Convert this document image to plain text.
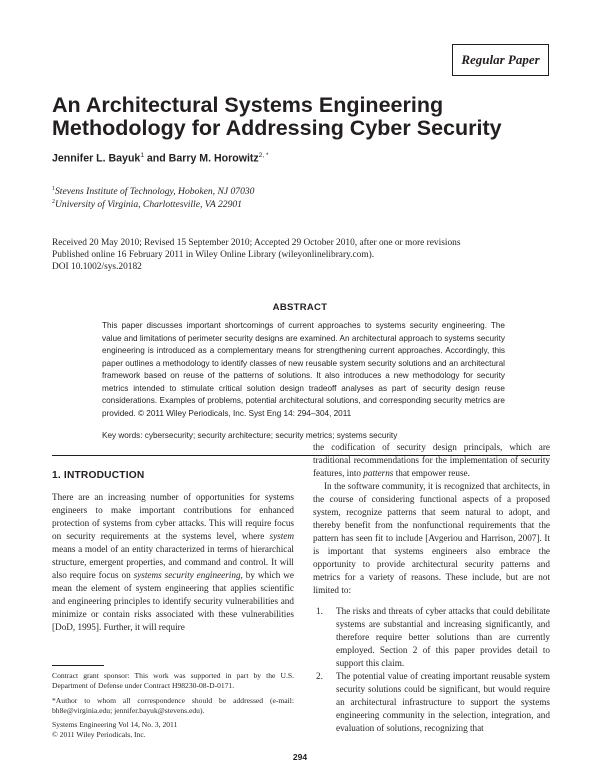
Regular Paper
An Architectural Systems Engineering
Methodology for Addressing Cyber Security
Jennifer L. Bayuk$^1$ and Barry M. Horowitz$^{2, *}$
$^1$Stevens Institute of Technology, Hoboken, NJ 07030
$^2$University of Virginia, Charlottesville, VA 22901
Received 20 May 2010; Revised 15 September 2010; Accepted 29 October 2010, after one or more revisions
Published online 16 February 2011 in Wiley Online Library (wileyonlinelibrary.com).
DOI 10.1002/sys.20182
ABSTRACT
This paper discusses important shortcomings of current approaches to systems security engineering. The value and limitations of perimeter security designs are examined. An architectural approach to systems security engineering is introduced as a complementary means for strengthening current approaches. Accordingly, this paper outlines a methodology to identify classes of new reusable system security solutions and an architectural framework based on reuse of the patterns of solutions. It also introduces a new methodology for security metrics intended to stimulate critical solution design tradeoff analyses as part of security design reuse considerations. Examples of problems, potential architectural solutions, and corresponding security metrics are provided. © 2011 Wiley Periodicals, Inc. Syst Eng 14: 294–304, 2011
Key words: cybersecurity; security architecture; security metrics; systems security
1. INTRODUCTION

There are an increasing number of opportunities for systems engineers to make important contributions for enhanced protection of systems from cyber attacks. This will require focus on security requirements at the systems level, where system means a model of an entity characterized in terms of hierarchical structure, emergent properties, and command and control. It will also require focus on systems security engineering, by which we mean the element of system engineering that applies scientific and engineering principles to identify security vulnerabilities and minimize or contain risks associated with these vulnerabilities [DoD, 1995]. Further, it will require

Contract grant sponsor: This work was supported in part by the U.S. Department of Defense under Contract H98230-08-D-0171.
*Author to whom all correspondence should be addressed (e-mail: bh8e@virginia.edu; jennifer.bayuk@stevens.edu).
Systems Engineering Vol 14, No. 3, 2011
© 2011 Wiley Periodicals, Inc.

the codification of security design principals, which are traditional recommendations for the implementation of security features, into patterns that empower reuse.

In the software community, it is recognized that architects, in the course of considering functional aspects of a proposed system, recognize patterns that seem natural to adopt, and thereby benefit from the nonfunctional requirements that the pattern has seen fit to include [Avgeriou and Harrison, 2007]. It is important that systems engineers also embrace the opportunity to provide architectural security patterns and metrics for a variety of reasons. These include, but are not limited to:

1. The risks and threats of cyber attacks that could debilitate systems are substantial and increasing significantly, and therefore require better solutions than are currently employed. Section 2 of this paper provides detail to support this claim.
2. The potential value of creating important reusable system security solutions could be significant, but would require an architectural infrastructure to support the systems engineering community in the selection, integration, and evaluation of solutions, recognizing that
294
